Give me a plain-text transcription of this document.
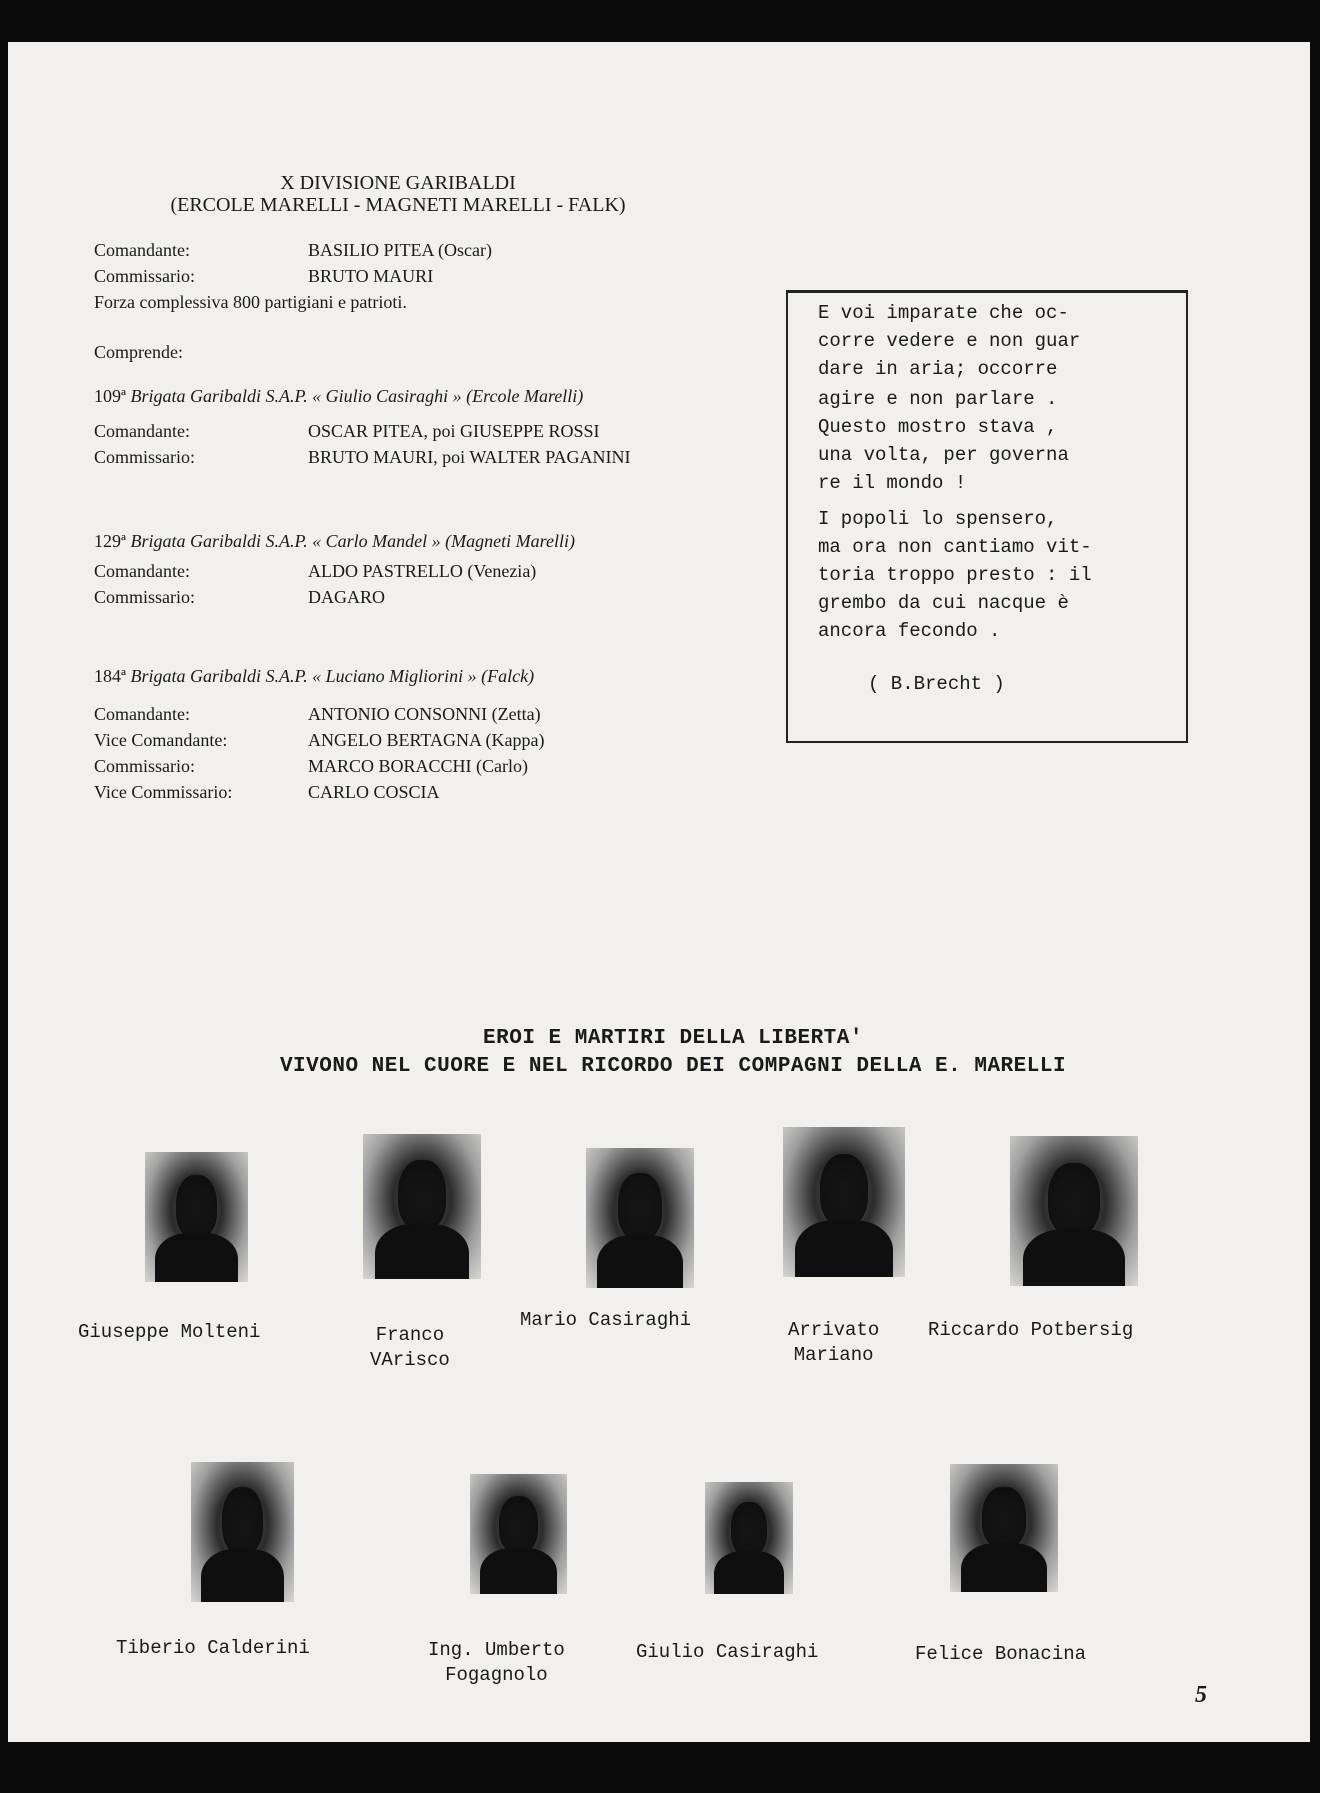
X DIVISIONE GARIBALDI
(ERCOLE MARELLI - MAGNETI MARELLI - FALK)
Comandante:	BASILIO PITEA (Oscar)
Commissario:	BRUTO MAURI
Forza complessiva 800 partigiani e patrioti.
Comprende:
109ª
Brigata Garibaldi S.A.P. « Giulio Casiraghi » (Ercole Marelli)
Comandante:	OSCAR PITEA, poi GIUSEPPE ROSSI
Commissario:	BRUTO MAURI, poi WALTER PAGANINI
129ª
Brigata Garibaldi S.A.P. « Carlo Mandel » (Magneti Marelli)
Comandante:	ALDO PASTRELLO (Venezia)
Commissario:	DAGARO
184ª
Brigata Garibaldi S.A.P. « Luciano Migliorini » (Falck)
Comandante:	ANTONIO CONSONNI (Zetta)
Vice Comandante:	ANGELO BERTAGNA (Kappa)
Commissario:	MARCO BORACCHI (Carlo)
Vice Commissario:	CARLO COSCIA
E voi imparate che oc-
corre vedere e non guar
dare in aria; occorre
agire e non parlare .
Questo mostro stava ,
una volta, per governa
re il mondo !
I popoli lo spensero,
ma ora non cantiamo vit-
toria troppo presto : il
grembo da cui nacque è
ancora fecondo .
( B.Brecht )
EROI E MARTIRI DELLA LIBERTA'
VIVONO NEL CUORE E NEL RICORDO DEI COMPAGNI DELLA E. MARELLI
Giuseppe Molteni	Franco
VArisco
Mario Casiraghi	Arrivato
Mariano
Riccardo Potbersig
Tiberio Calderini	Ing. Umberto
Fogagnolo
Giulio Casiraghi	Felice Bonacina
5
